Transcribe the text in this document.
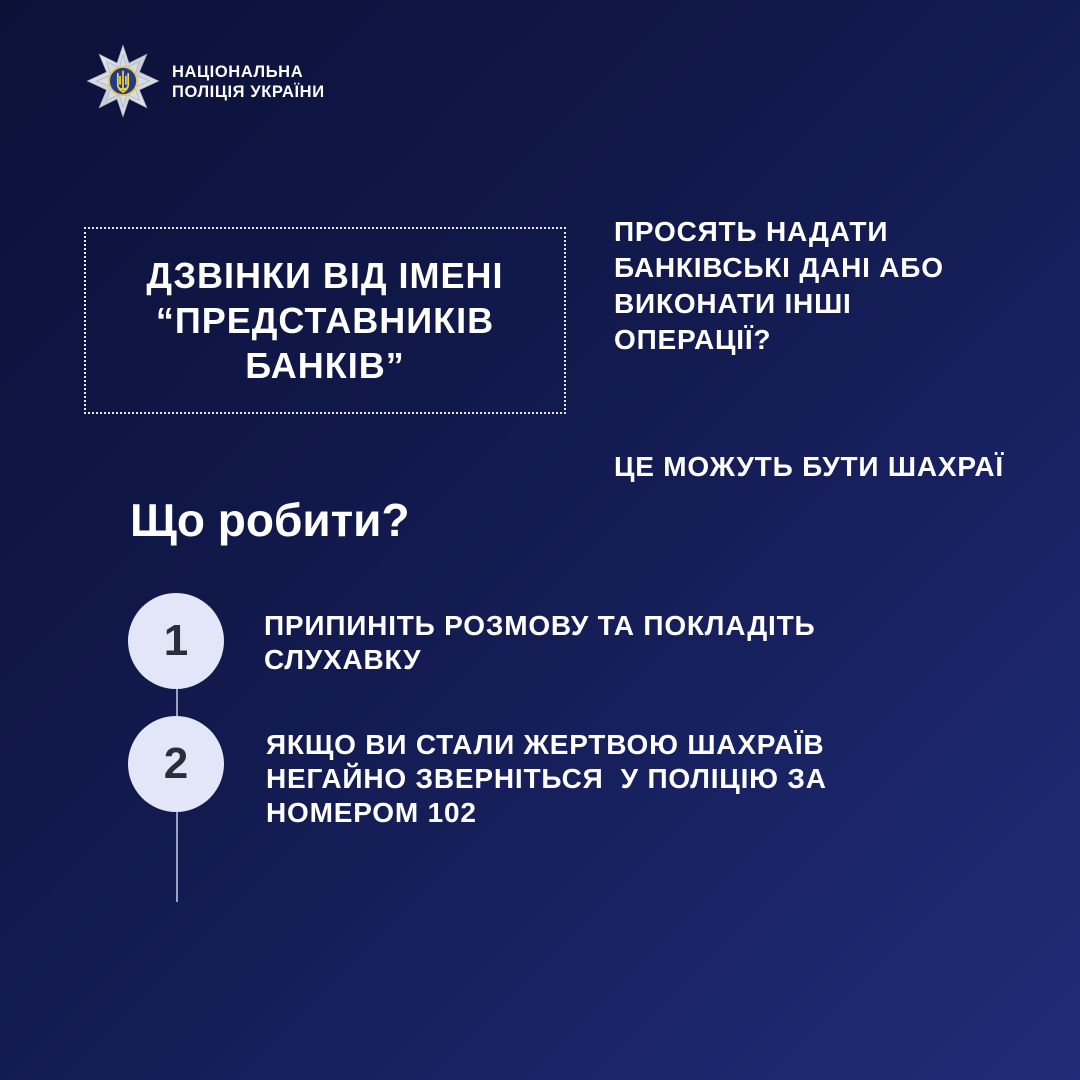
НАЦІОНАЛЬНА
ПОЛІЦІЯ УКРАЇНИ
ДЗВІНКИ ВІД ІМЕНІ
“ПРЕДСТАВНИКІВ
БАНКІВ”
ПРОСЯТЬ НАДАТИ
БАНКІВСЬКІ ДАНІ АБО
ВИКОНАТИ ІНШІ
ОПЕРАЦІЇ?
ЦЕ МОЖУТЬ БУТИ ШАХРАЇ
Що робити?
1	ПРИПИНІТЬ РОЗМОВУ ТА ПОКЛАДІТЬ
СЛУХАВКУ
2	ЯКЩО ВИ СТАЛИ ЖЕРТВОЮ ШАХРАЇВ
НЕГАЙНО ЗВЕРНІТЬСЯ  У ПОЛІЦІЮ ЗА
НОМЕРОМ 102
